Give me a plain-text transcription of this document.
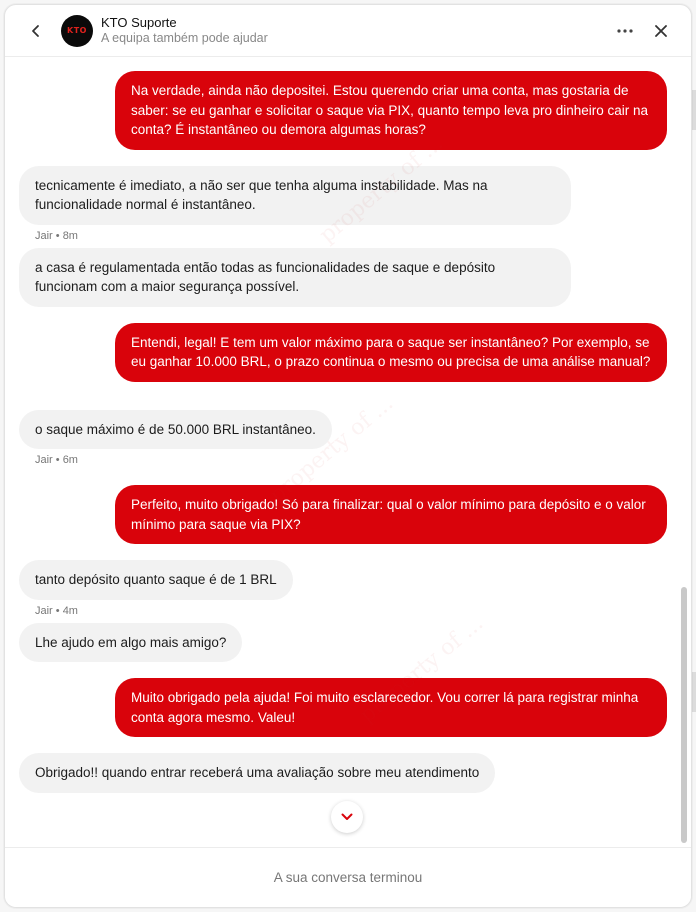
KTO
KTO Suporte
A equipa também pode ajudar
property of ...
property of ...
Na verdade, ainda não depositei. Estou querendo criar uma conta, mas gostaria de saber: se eu ganhar e solicitar o saque via PIX, quanto tempo leva pro dinheiro cair na conta? É instantâneo ou demora algumas horas?
tecnicamente é imediato, a não ser que tenha alguma instabilidade. Mas na funcionalidade normal é instantâneo.
Jair • 8m
a casa é regulamentada então todas as funcionalidades de saque e depósito funcionam com a maior segurança possível.
Entendi, legal! E tem um valor máximo para o saque ser instantâneo? Por exemplo, se eu ganhar 10.000 BRL, o prazo continua o mesmo ou precisa de uma análise manual?
o saque máximo é de 50.000 BRL instantâneo.
Jair • 6m
Perfeito, muito obrigado! Só para finalizar: qual o valor mínimo para depósito e o valor mínimo para saque via PIX?
tanto depósito quanto saque é de 1 BRL
Jair • 4m
Lhe ajudo em algo mais amigo?
Muito obrigado pela ajuda! Foi muito esclarecedor. Vou correr lá para registrar minha conta agora mesmo. Valeu!
Obrigado!! quando entrar receberá uma avaliação sobre meu atendimento
A sua conversa terminou
